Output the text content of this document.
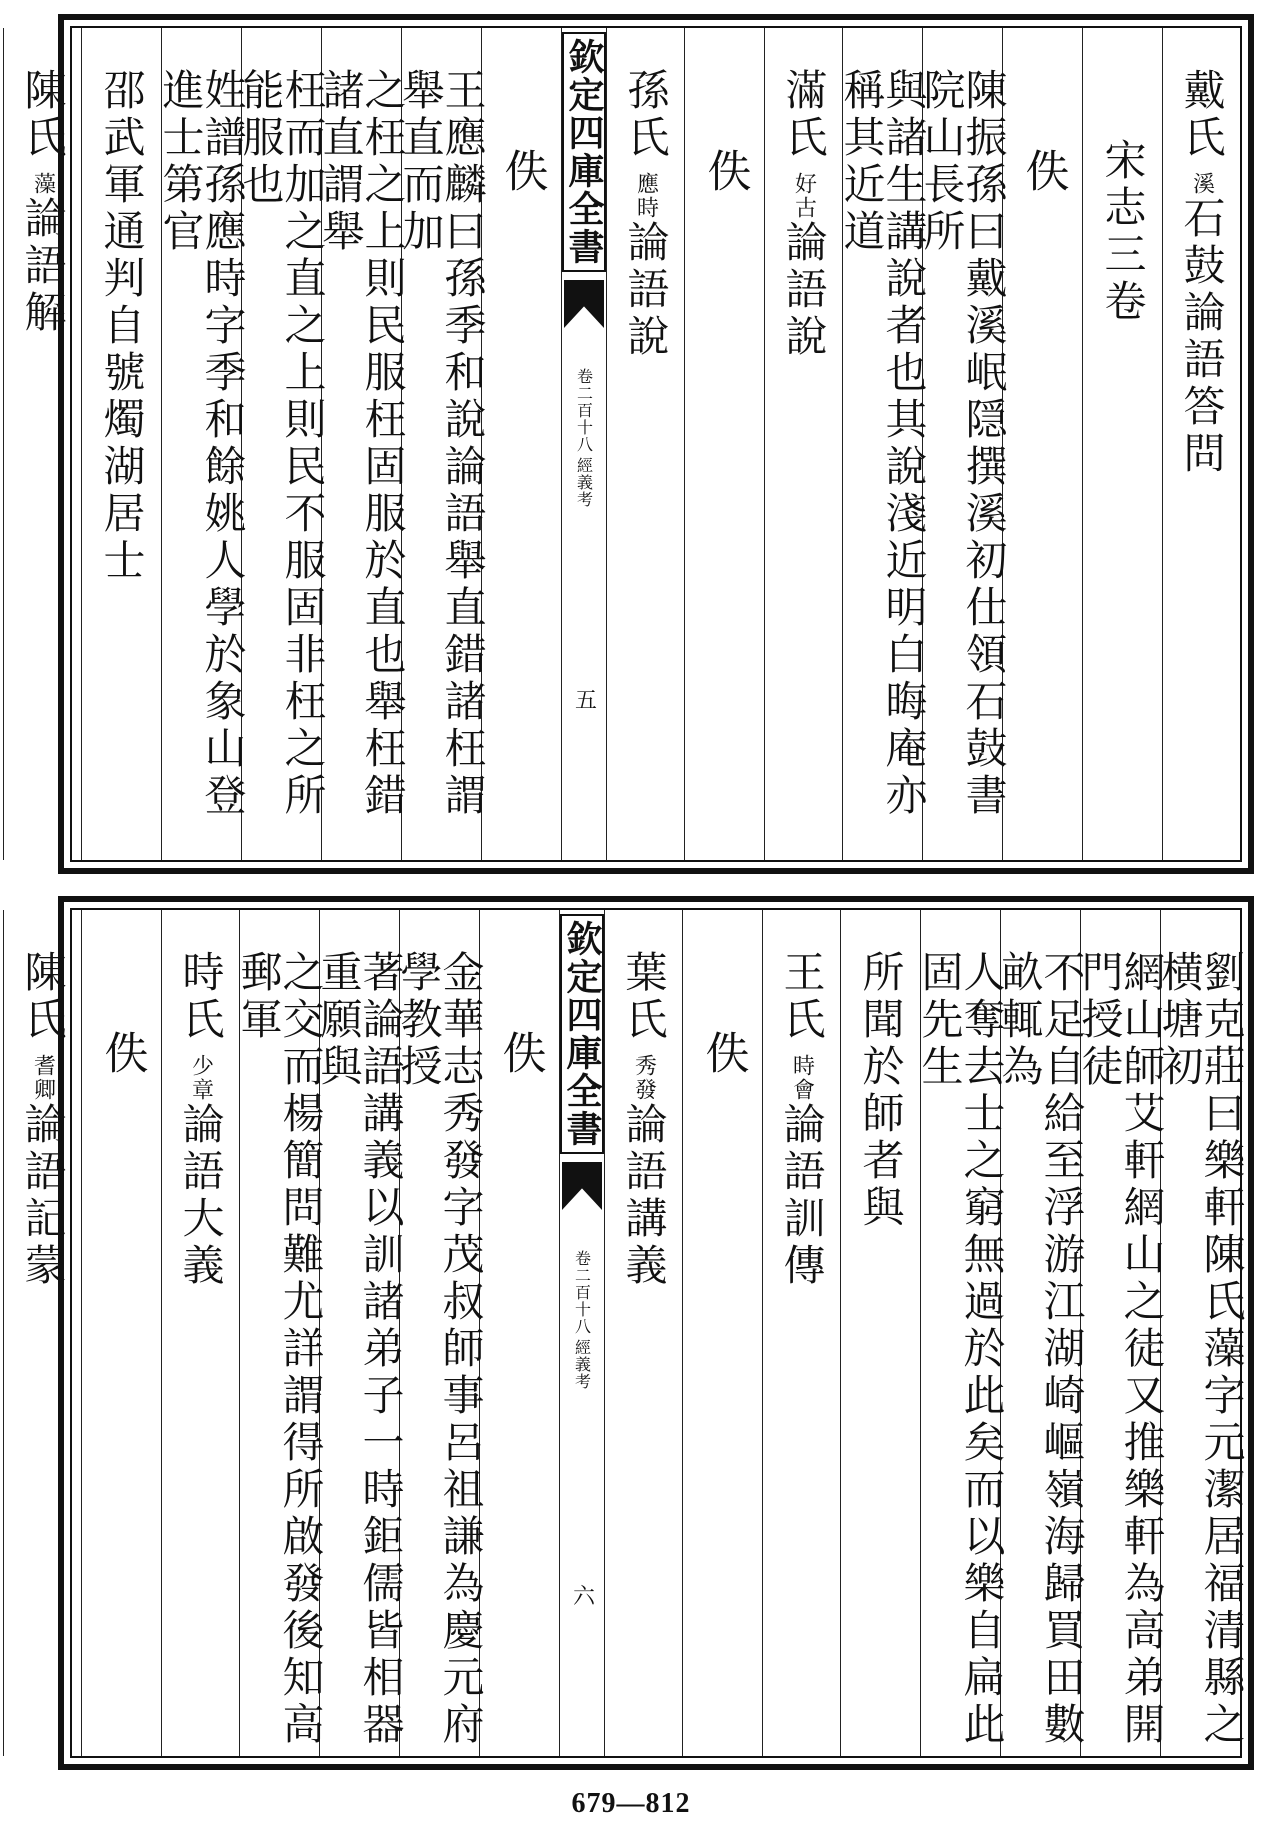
戴氏
溪
石鼓論語答問
宋志三卷
佚
陳振孫曰戴溪岷隠撰溪初仕領石鼓書院山長所
與諸生講說者也其說淺近明白晦庵亦稱其近道
滿氏
好古
論語說
佚
孫氏
應時
論語說
欽定四庫全書
經義考
卷二百十八
五
佚
王應麟曰孫季和說論語舉直錯諸枉謂舉直而加
之枉之上則民服枉固服於直也舉枉錯諸直謂舉
枉而加之直之上則民不服固非枉之所能服也
姓譜孫應時字季和餘姚人學於象山登進士第官
邵武軍通判自號燭湖居士
陳氏
藻
論語解
劉克莊曰樂軒陳氏藻字元潔居福清縣之横塘初
網山師艾軒網山之徒又推樂軒為高弟開門授徒
不足自給至浮游江湖崎嶇嶺海歸買田數畝輒為
人奪去士之窮無過於此矣而以樂自扁此固先生
所聞於師者與
王氏
時會
論語訓傳
佚
葉氏
秀發
論語講義
欽定四庫全書
經義考
卷二百十八
六
佚
金華志秀發字茂叔師事呂祖謙為慶元府學教授
著論語講義以訓諸弟子一時鉅儒皆相器重願與
之交而楊簡問難尤詳謂得所啟發後知高郵軍
時氏
少章
論語大義
佚
陳氏
耆卿
論語記蒙
679—812
